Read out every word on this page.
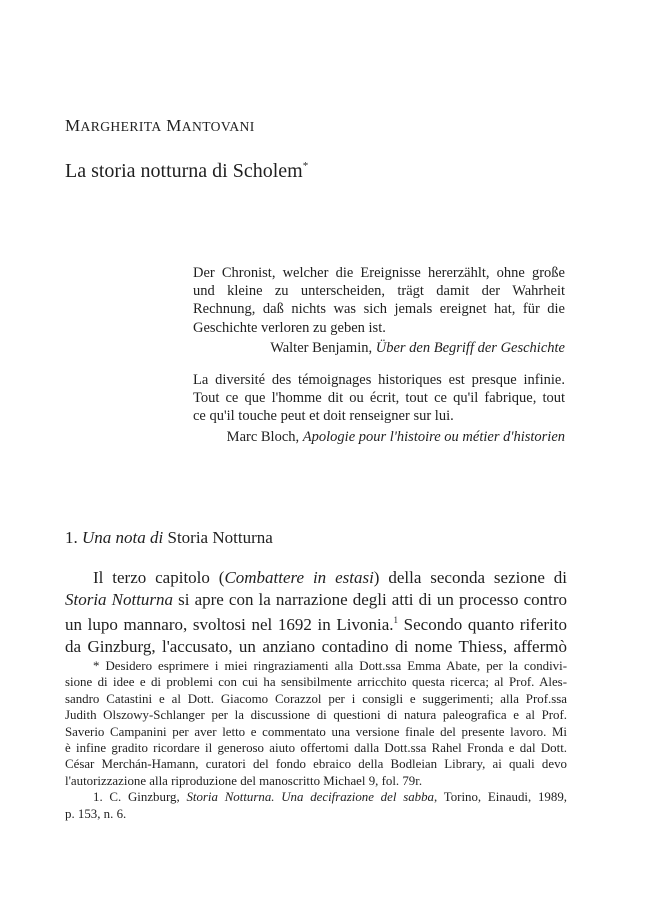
MARGHERITA MANTOVANI
La storia notturna di Scholem*
Der Chronist, welcher die Ereignisse hererzählt, ohne große
und kleine zu unterscheiden, trägt damit der Wahrheit
Rechnung, daß nichts was sich jemals ereignet hat, für die
Geschichte verloren zu geben ist.
Walter Benjamin, Über den Begriff der Geschichte
La diversité des témoignages historiques est presque infinie.
Tout ce que l'homme dit ou écrit, tout ce qu'il fabrique, tout
ce qu'il touche peut et doit renseigner sur lui.
Marc Bloch, Apologie pour l'histoire ou métier d'historien
1. Una nota di Storia Notturna
Il terzo capitolo (Combattere in estasi) della seconda sezione di
Storia Notturna si apre con la narrazione degli atti di un processo contro
un lupo mannaro, svoltosi nel 1692 in Livonia.$^1$ Secondo quanto riferito
da Ginzburg, l'accusato, un anziano contadino di nome Thiess, affermò
* Desidero esprimere i miei ringraziamenti alla Dott.ssa Emma Abate, per la condivi-
sione di idee e di problemi con cui ha sensibilmente arricchito questa ricerca; al Prof. Ales-
sandro Catastini e al Dott. Giacomo Corazzol per i consigli e suggerimenti; alla Prof.ssa
Judith Olszowy-Schlanger per la discussione di questioni di natura paleografica e al Prof.
Saverio Campanini per aver letto e commentato una versione finale del presente lavoro. Mi
è infine gradito ricordare il generoso aiuto offertomi dalla Dott.ssa Rahel Fronda e dal Dott.
César Merchán-Hamann, curatori del fondo ebraico della Bodleian Library, ai quali devo
l'autorizzazione alla riproduzione del manoscritto Michael 9, fol. 79r.
1. C. Ginzburg, Storia Notturna. Una decifrazione del sabba, Torino, Einaudi, 1989,
p. 153, n. 6.
